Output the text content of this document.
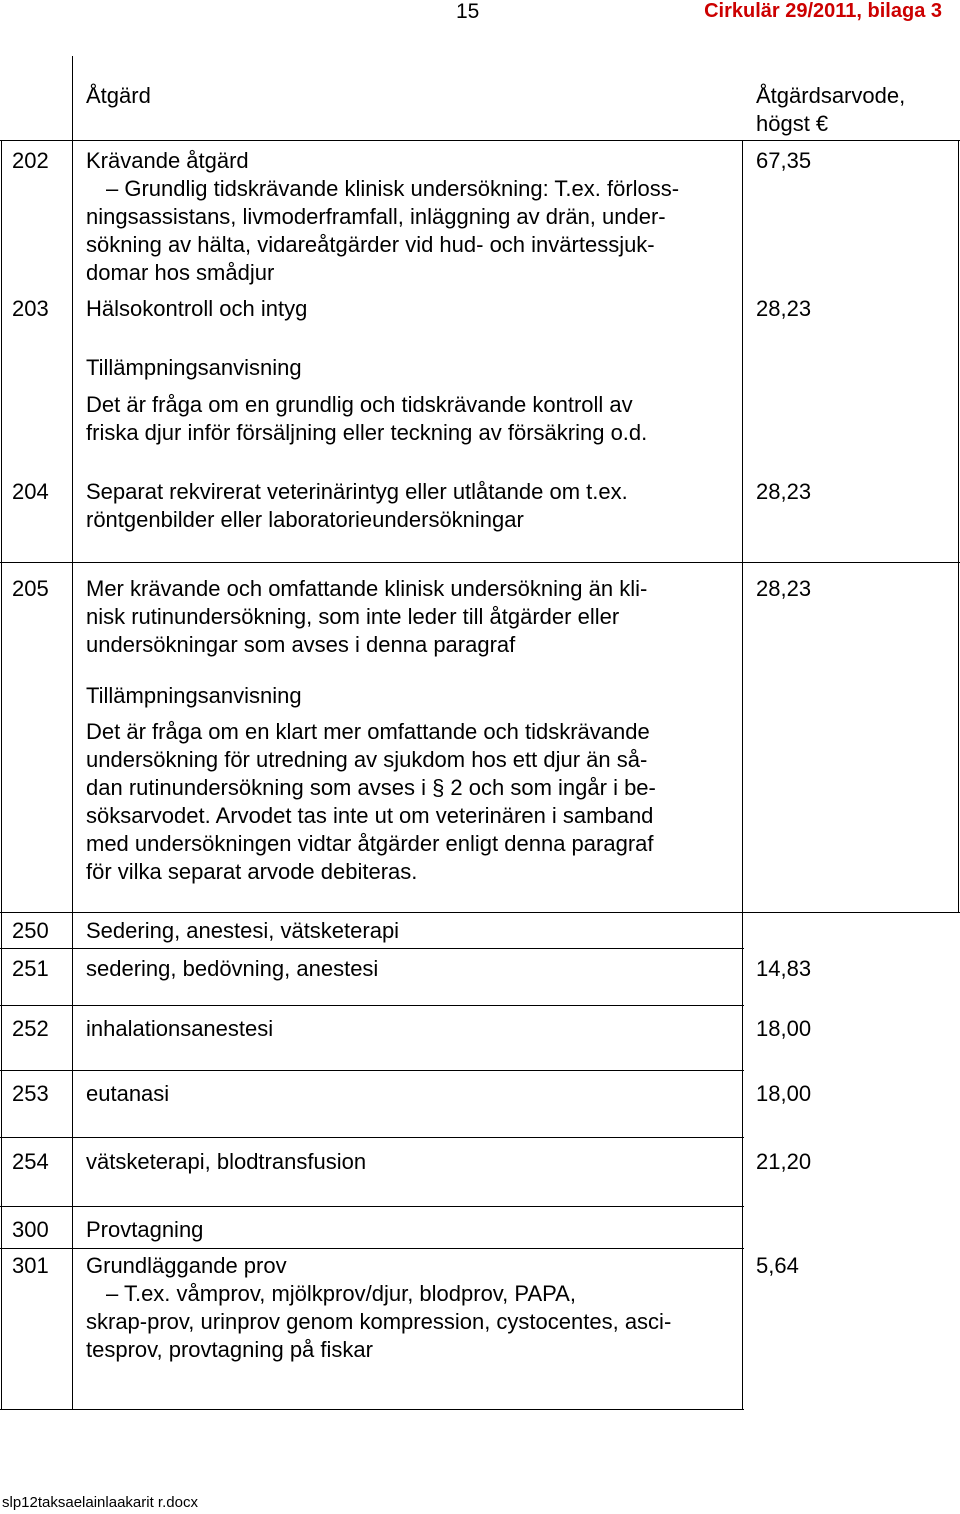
15	Cirkulär 29/2011, bilaga 3
Åtgärd	Åtgärdsarvode,
högst €
202 Krävande åtgärd
– Grundlig tidskrävande klinisk undersökning: T.ex. förloss-
ningsassistans, livmoderframfall, inläggning av drän, under-
sökning av hälta, vidareåtgärder vid hud- och invärtessjuk-
domar hos smådjur
67,35
203 Hälsokontroll och intyg	28,23
Tillämpningsanvisning
Det är fråga om en grundlig och tidskrävande kontroll av
friska djur inför försäljning eller teckning av försäkring o.d.
204 Separat rekvirerat veterinärintyg eller utlåtande om t.ex.
röntgenbilder eller laboratorieundersökningar
28,23
205 Mer krävande och omfattande klinisk undersökning än kli-
nisk rutinundersökning, som inte leder till åtgärder eller
undersökningar som avses i denna paragraf
28,23
Tillämpningsanvisning
Det är fråga om en klart mer omfattande och tidskrävande
undersökning för utredning av sjukdom hos ett djur än så-
dan rutinundersökning som avses i § 2 och som ingår i be-
söksarvodet. Arvodet tas inte ut om veterinären i samband
med undersökningen vidtar åtgärder enligt denna paragraf
för vilka separat arvode debiteras.
250 Sedering, anestesi, vätsketerapi
251 sedering, bedövning, anestesi	14,83
252 inhalationsanestesi	18,00
253 eutanasi	18,00
254 vätsketerapi, blodtransfusion	21,20
300 Provtagning
301 Grundläggande prov
– T.ex. våmprov, mjölkprov/djur, blodprov, PAPA,
skrap-prov, urinprov genom kompression, cystocentes, asci-
tesprov, provtagning på fiskar
5,64
slp12taksaelainlaakarit r.docx
